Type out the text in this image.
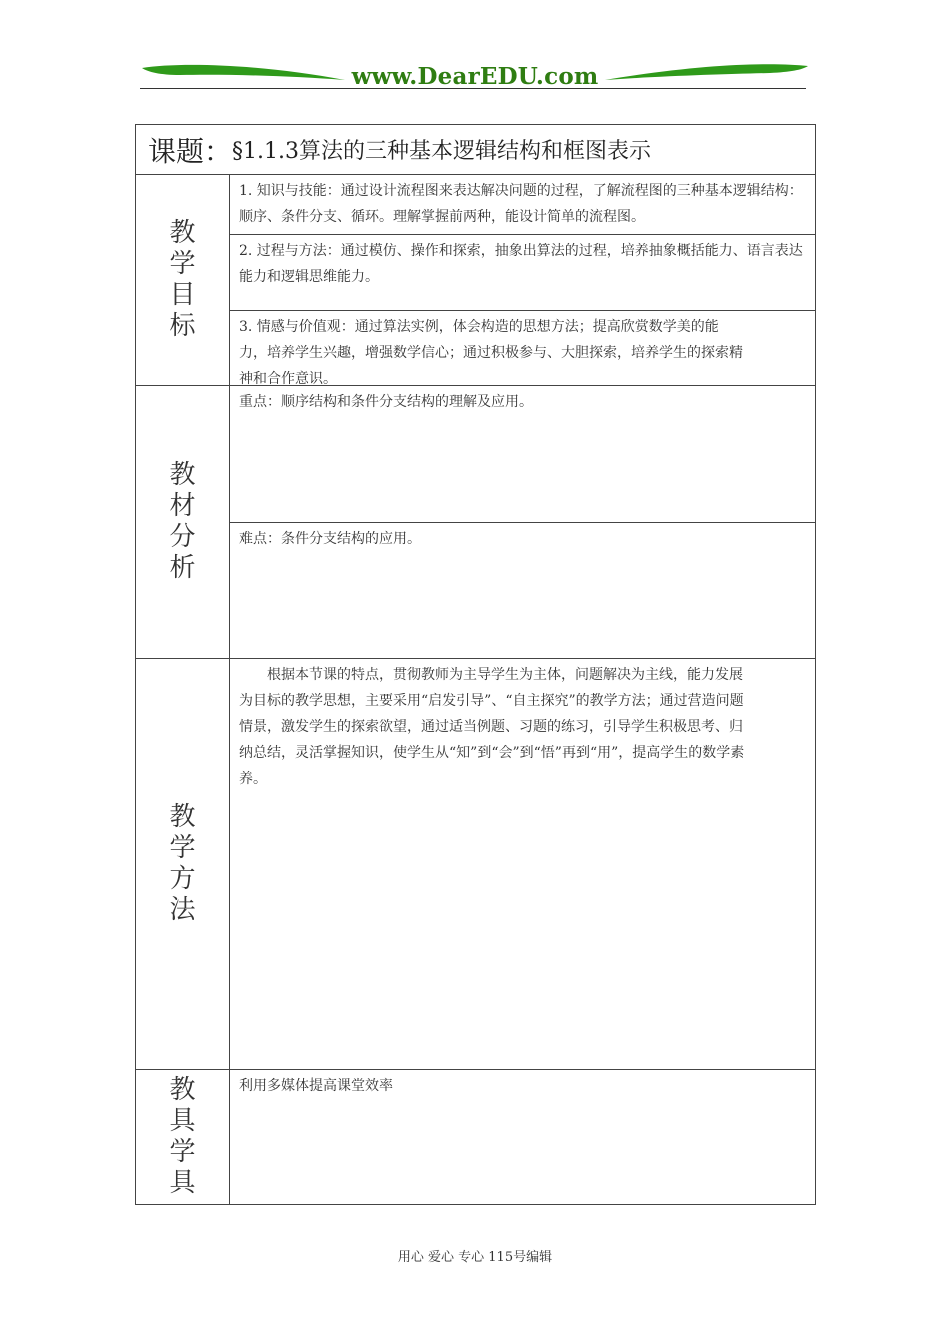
www.DearEDU.com
课题： §1.1.3算法的三种基本逻辑结构和框图表示
教学目标
1. 知识与技能：通过设计流程图来表达解决问题的过程，了解流程图的三种基本逻辑结构：顺序、条件分支、循环。理解掌握前两种，能设计简单的流程图。
2. 过程与方法：通过模仿、操作和探索，抽象出算法的过程，培养抽象概括能力、语言表达能力和逻辑思维能力。
3. 情感与价值观：通过算法实例，体会构造的思想方法；提高欣赏数学美的能力，培养学生兴趣，增强数学信心；通过积极参与、大胆探索，培养学生的探索精神和合作意识。
教材分析
重点：顺序结构和条件分支结构的理解及应用。
难点：条件分支结构的应用。
教学方法
根据本节课的特点，贯彻教师为主导学生为主体，问题解决为主线，能力发展为目标的教学思想，主要采用“启发引导”、“自主探究”的教学方法；通过营造问题情景，激发学生的探索欲望，通过适当例题、习题的练习，引导学生积极思考、归纳总结，灵活掌握知识，使学生从“知”到“会”到“悟”再到“用”，提高学生的数学素养。
教具学具
利用多媒体提高课堂效率
用心 爱心 专心 115号编辑
